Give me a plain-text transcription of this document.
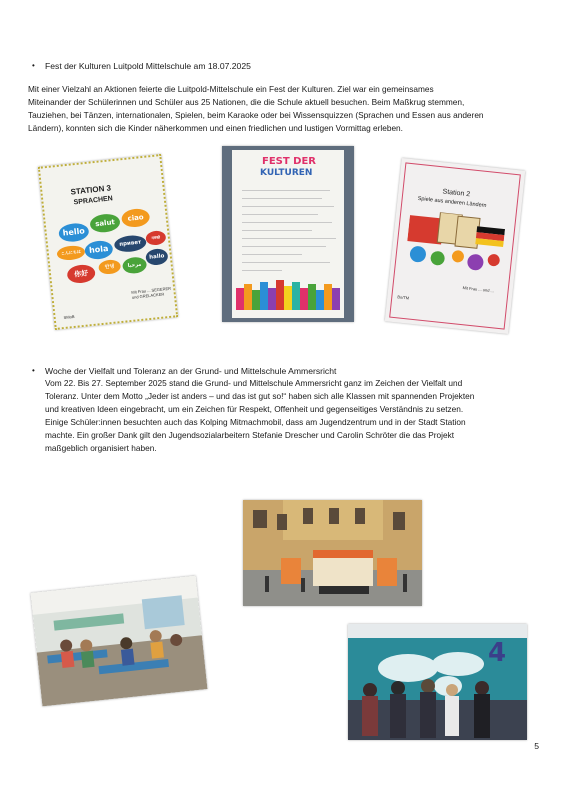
• Fest der Kulturen Luitpold Mittelschule am 18.07.2025
Mit einer Vielzahl an Aktionen feierte die Luitpold-Mittelschule ein Fest der Kulturen. Ziel war ein gemeinsames
Miteinander der Schülerinnen und Schüler aus 25 Nationen, die die Schule aktuell besuchen. Beim Maßkrug stemmen,
Tauziehen, bei Tänzen, internationalen, Spielen, beim Karaoke oder bei Wissensquizzen (Sprachen und Essen aus anderen
Ländern), konnten sich die Kinder näherkommen und einen friedlichen und lustigen Vormittag erleben.
STATION 3
SPRACHEN
hello
salut
ciao
こんにちは hola
привет
नमस्ते
你好
안녕	مرحبا
hallo
SMoB
Mit Frau ... SEGERER und GRELACKER
FEST DER
KULTUREN
Station 2
Spiele aus anderen Ländern
Bo/TM
Mit Frau ... und ...
• Woche der Vielfalt und Toleranz an der Grund- und Mittelschule Ammersricht
Vom 22. Bis 27. September 2025 stand die Grund- und Mittelschule Ammersricht ganz im Zeichen der Vielfalt und
Toleranz. Unter dem Motto „Jeder ist anders – und das ist gut so!“ haben sich alle Klassen mit spannenden Projekten
und kreativen Ideen eingebracht, um ein Zeichen für Respekt, Offenheit und gegenseitiges Verständnis zu setzen.
Einige Schüler:innen besuchten auch das Kolping Mitmachmobil, dass am Jugendzentrum und in der Stadt Station
machte. Ein großer Dank gilt den Jugendsozialarbeitern Stefanie Drescher und Carolin Schröter die das Projekt
maßgeblich organisiert haben.
4
5
